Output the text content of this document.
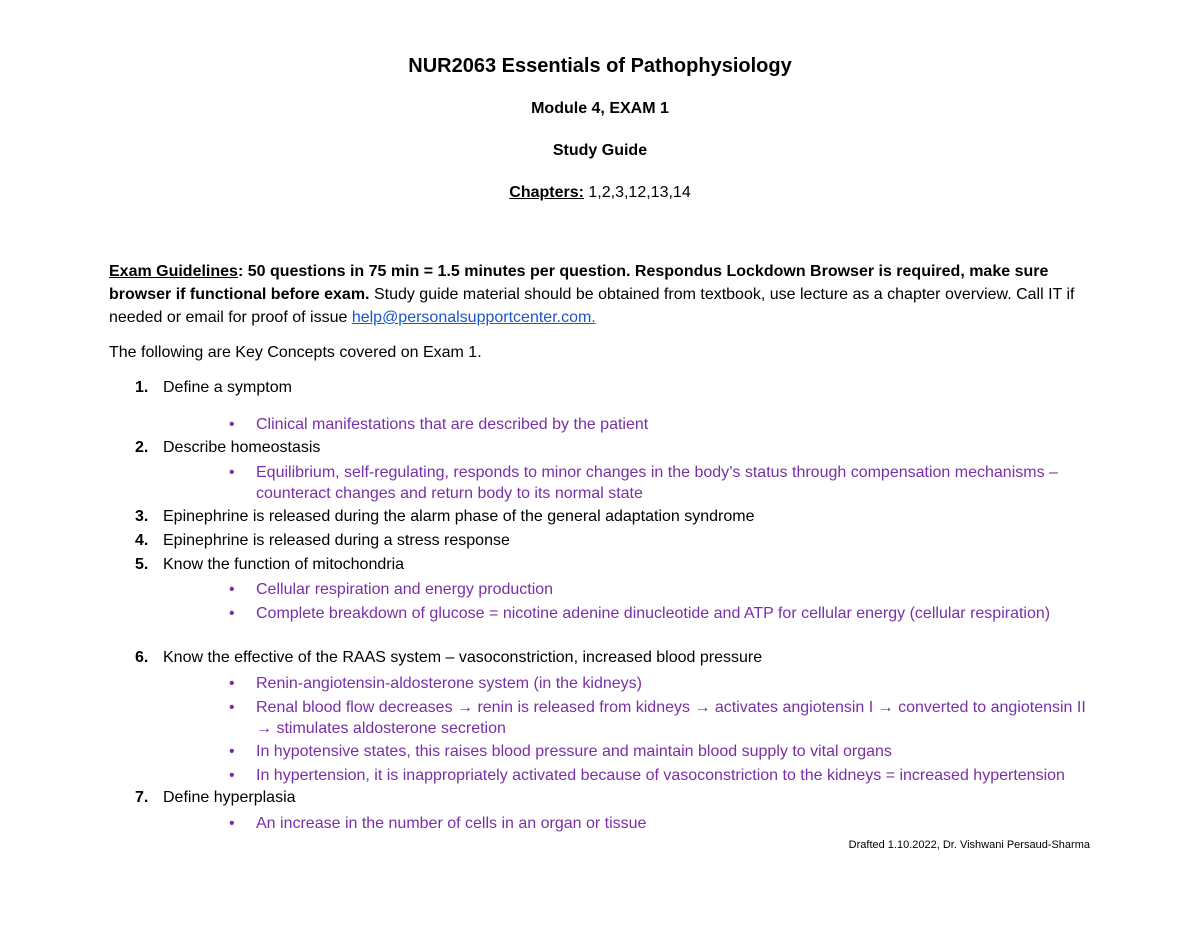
NUR2063 Essentials of Pathophysiology
Module 4, EXAM 1
Study Guide
Chapters: 1,2,3,12,13,14
Exam Guidelines: 50 questions in 75 min = 1.5 minutes per question. Respondus Lockdown Browser is required, make sure browser if functional before exam. Study guide material should be obtained from textbook, use lecture as a chapter overview. Call IT if needed or email for proof of issue help@personalsupportcenter.com.
The following are Key Concepts covered on Exam 1.
1. Define a symptom
•	Clinical manifestations that are described by the patient
2. Describe homeostasis
•	Equilibrium, self-regulating, responds to minor changes in the body’s status through compensation mechanisms – counteract changes and return body to its normal state
3. Epinephrine is released during the alarm phase of the general adaptation syndrome
4. Epinephrine is released during a stress response
5. Know the function of mitochondria
•	Cellular respiration and energy production
•	Complete breakdown of glucose = nicotine adenine dinucleotide and ATP for cellular energy (cellular respiration)
6. Know the effective of the RAAS system – vasoconstriction, increased blood pressure
•	Renin-angiotensin-aldosterone system (in the kidneys)
•	Renal blood flow decreases → renin is released from kidneys → activates angiotensin I → converted to angiotensin II → stimulates aldosterone secretion
•	In hypotensive states, this raises blood pressure and maintain blood supply to vital organs
•	In hypertension, it is inappropriately activated because of vasoconstriction to the kidneys = increased hypertension
7. Define hyperplasia
•	An increase in the number of cells in an organ or tissue
Drafted 1.10.2022, Dr. Vishwani Persaud-Sharma
